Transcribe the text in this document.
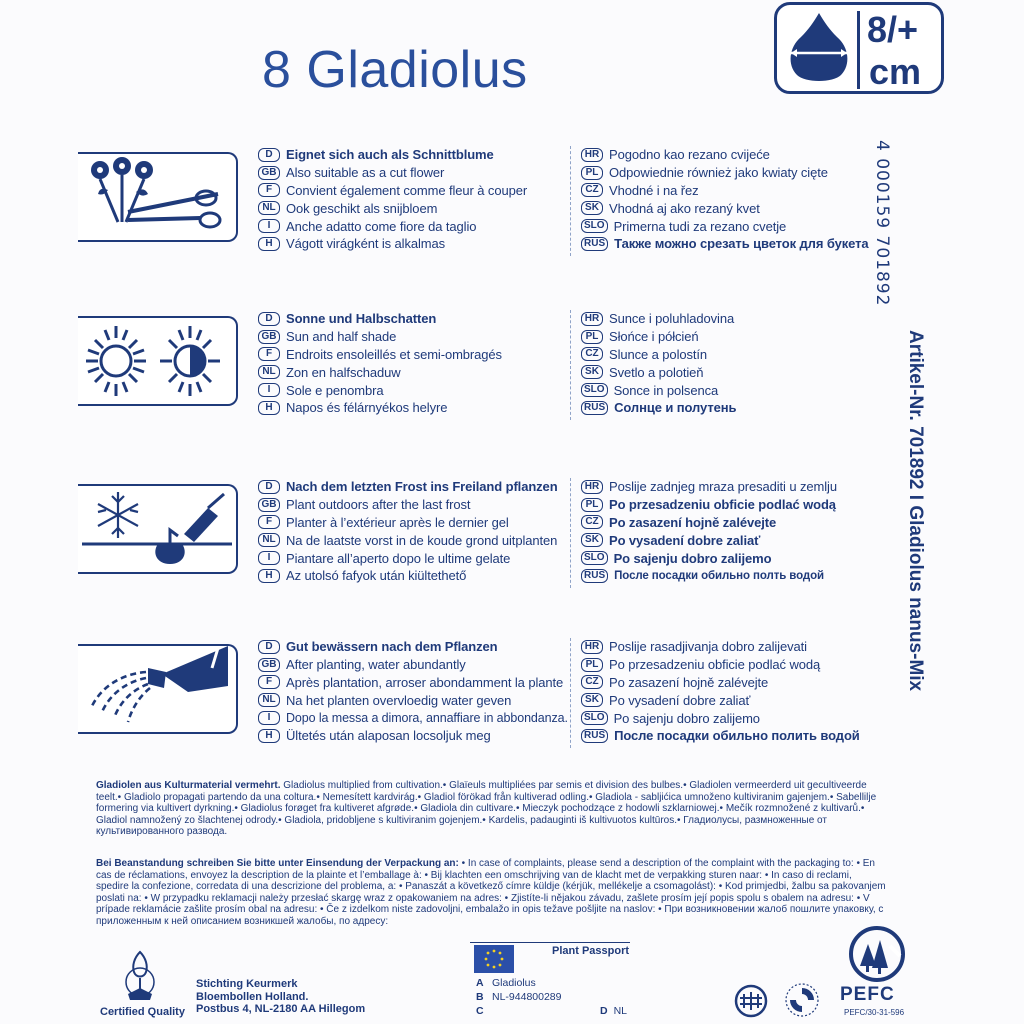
8 Gladiolus
8/+
cm
4 000159 701892
Artikel-Nr. 701892 I Gladiolus nanus-Mix
D	Eignet sich auch als Schnittblume
GB Also suitable as a cut flower
F	Convient également comme fleur à couper
NL Ook geschikt als snijbloem
I	Anche adatto come fiore da taglio
H	Vágott virágként is alkalmas
HR Pogodno kao rezano cvijeće
PL Odpowiednie również jako kwiaty cięte
CZ Vhodné i na řez
SK Vhodná aj ako rezaný kvet
SLO Primerna tudi za rezano cvetje
RUS Также можно срезать цветок для букета
D	Sonne und Halbschatten
GB Sun and half shade
F	Endroits ensoleillés et semi-ombragés
NL Zon en halfschaduw
I	Sole e penombra
H	Napos és félárnyékos helyre
HR Sunce i poluhladovina
PL Słońce i półcień
CZ Slunce a polostín
SK Svetlo a polotieň
SLO Sonce in polsenca
RUS Солнце и полутень
D	Nach dem letzten Frost ins Freiland pflanzen
GB Plant outdoors after the last frost
F	Planter à l’extérieur après le dernier gel
NL Na de laatste vorst in de koude grond uitplanten
I	Piantare all’aperto dopo le ultime gelate
H	Az utolsó fafyok után kiültethető
HR Poslije zadnjeg mraza presaditi u zemlju
PL Po przesadzeniu obficie podlać wodą
CZ Po zasazení hojně zalévejte
SK Po vysadení dobre zaliať
SLO Po sajenju dobro zalijemo
RUS После посадки обильно полть водой
D	Gut bewässern nach dem Pflanzen
GB After planting, water abundantly
F	Après plantation, arroser abondamment la plante
NL Na het planten overvloedig water geven
I	Dopo la messa a dimora, annaffiare in abbondanza.
H	Ültetés után alaposan locsoljuk meg
HR Poslije rasadjivanja dobro zalijevati
PL Po przesadzeniu obficie podlać wodą
CZ Po zasazení hojně zalévejte
SK Po vysadení dobre zaliať
SLO Po sajenju dobro zalijemo
RUS После посадки обильно полить водой
Gladiolen aus Kulturmaterial vermehrt. Gladiolus multiplied from cultivation.• Glaïeuls multipliées par semis et division des bulbes.• Gladiolen vermeerderd uit gecultiveerde teelt.• Gladiolo propagati partendo da una coltura.• Nemesített kardvirág.• Gladiol förökad från kultiverad odling.• Gladiola - sabljićica umnoženo kultiviranim gajenjem.• Sabellilje formering via kultivert dyrkning.• Gladiolus forøget fra kultiveret afgrøde.• Gladiola din cultivare.• Mieczyk pochodzące z hodowli szklarniowej.• Mečík rozmnožené z kultivarů.• Gladiol namnožený zo šlachtenej odrody.• Gladiola, pridobljene s kultiviranim gojenjem.• Kardelis, padauginti iš kultivuotos kultūros.• Гладиолусы, размноженные от культивированного развода.
Bei Beanstandung schreiben Sie bitte unter Einsendung der Verpackung an: • In case of complaints, please send a description of the complaint with the packaging to: • En cas de réclamations, envoyez la description de la plainte et l’emballage à: • Bij klachten een omschrijving van de klacht met de verpakking sturen naar: • In caso di reclami, spedire la confezione, corredata di una descrizione del problema, a: • Panaszát a következő címre küldje (kérjük, mellékelje a csomagolást): • Kod primjedbi, žalbu sa pakovanjem poslati na: • W przypadku reklamacji należy przesłać skargę wraz z opakowaniem na adres: • Zjistíte-li nějakou závadu, zašlete prosím její popis spolu s obalem na adresu: • V prípade reklamácie zašlite prosím obal na adresu: • Če z izdelkom niste zadovoljni, embalažo in opis težave pošljite na naslov: • При возникновении жалоб пошлите упаковку, с приложенным к ней описанием возникшей жалобы, по адресу:
Certified Quality
Stichting Keurmerk
Bloembollen Holland.
Postbus 4, NL-2180 AA Hillegom
Plant Passport
A Gladiolus
B NL-944800289
C	D NL
PEFC
PEFC/30-31-596
